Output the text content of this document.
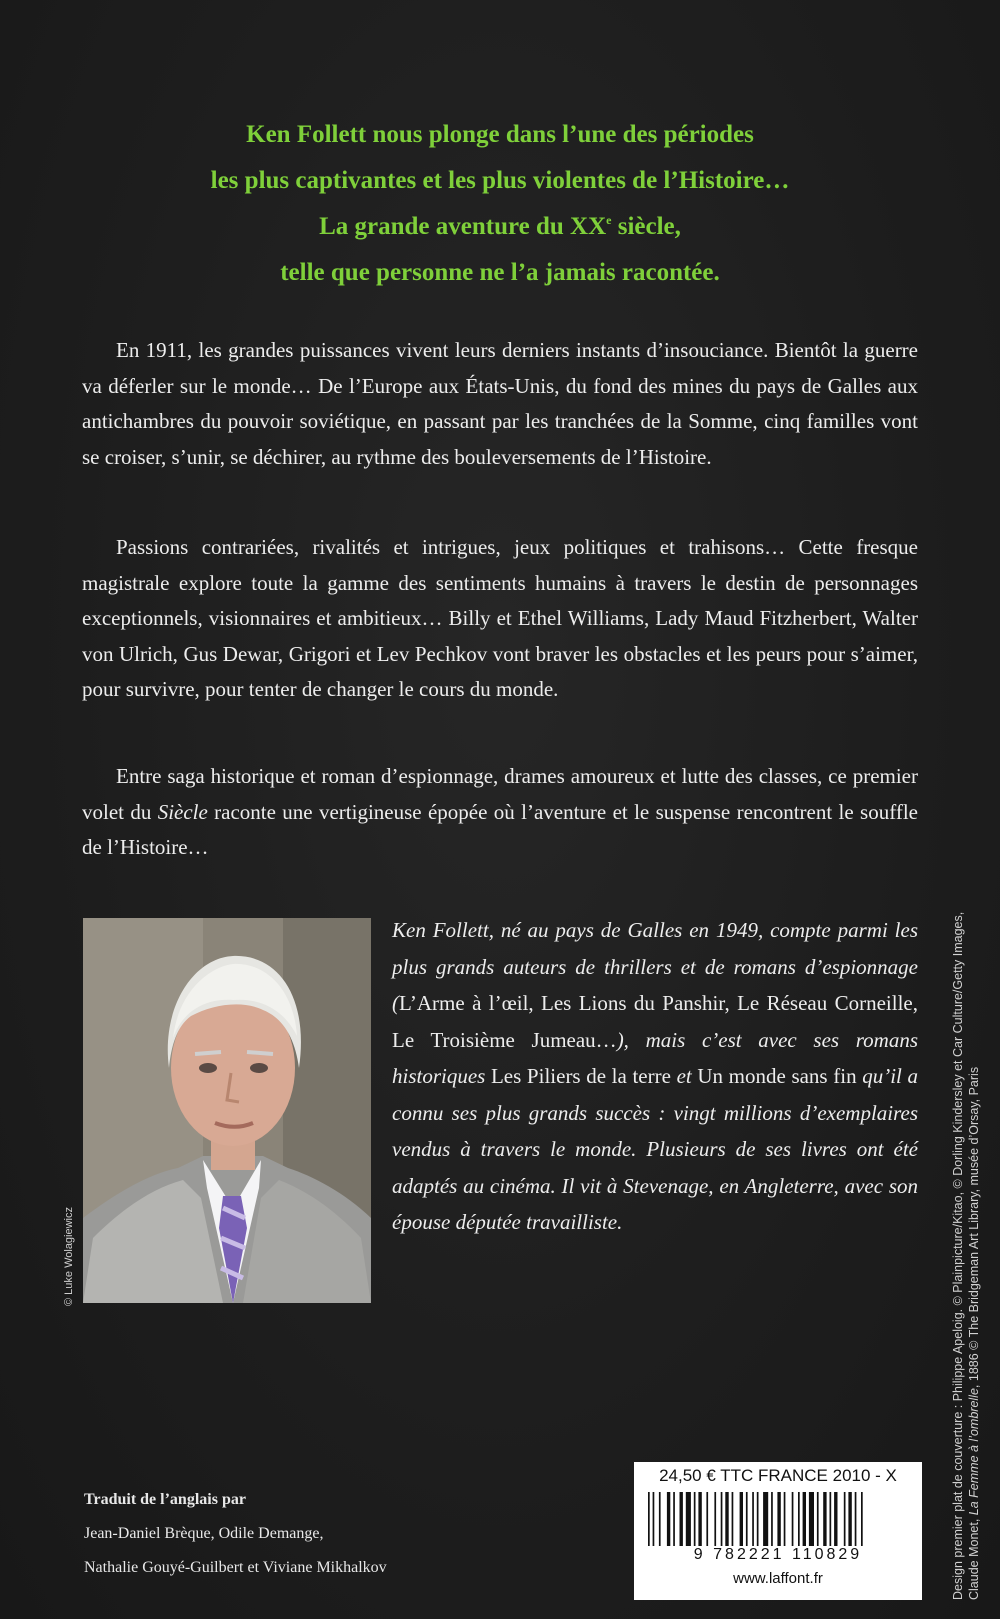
Ken Follett nous plonge dans l’une des périodes
les plus captivantes et les plus violentes de l’Histoire…
La grande aventure du XXe siècle,
telle que personne ne l’a jamais racontée.

En 1911, les grandes puissances vivent leurs derniers instants d’insouciance. Bientôt la guerre va déferler sur le monde… De l’Europe aux États-Unis, du fond des mines du pays de Galles aux antichambres du pouvoir soviétique, en passant par les tranchées de la Somme, cinq familles vont se croiser, s’unir, se déchirer, au rythme des bouleversements de l’Histoire.

Passions contrariées, rivalités et intrigues, jeux politiques et trahisons… Cette fresque magistrale explore toute la gamme des sentiments humains à travers le destin de personnages exceptionnels, visionnaires et ambitieux… Billy et Ethel Williams, Lady Maud Fitzherbert, Walter von Ulrich, Gus Dewar, Grigori et Lev Pechkov vont braver les obstacles et les peurs pour s’aimer, pour survivre, pour tenter de changer le cours du monde.

Entre saga historique et roman d’espionnage, drames amoureux et lutte des classes, ce premier volet du Siècle raconte une vertigineuse épopée où l’aventure et le suspense rencontrent le souffle de l’Histoire…

© Luke Wolagiewicz
Ken Follett, né au pays de Galles en 1949, compte parmi les plus grands auteurs de thrillers et de romans d’espionnage (L’Arme à l’œil, Les Lions du Panshir, Le Réseau Corneille, Le Troisième Jumeau…), mais c’est avec ses romans historiques Les Piliers de la terre et Un monde sans fin qu’il a connu ses plus grands succès : vingt millions d’exemplaires vendus à travers le monde. Plusieurs de ses livres ont été adaptés au cinéma. Il vit à Stevenage, en Angleterre, avec son épouse députée travailliste.
Traduit de l’anglais par
Jean-Daniel Brèque, Odile Demange,
Nathalie Gouyé-Guilbert et Viviane Mikhalkov
24,50 € TTC FRANCE 2010 - X
9 782221 110829
www.laffont.fr	Design premier plat de couverture : Philippe Apeloig. © Plainpicture/Kitao, © Dorling Kindersley et Car Culture/Getty Images, Claude Monet, La Femme à l’ombrelle, 1886 © The Bridgeman Art Library, musée d’Orsay, Paris
